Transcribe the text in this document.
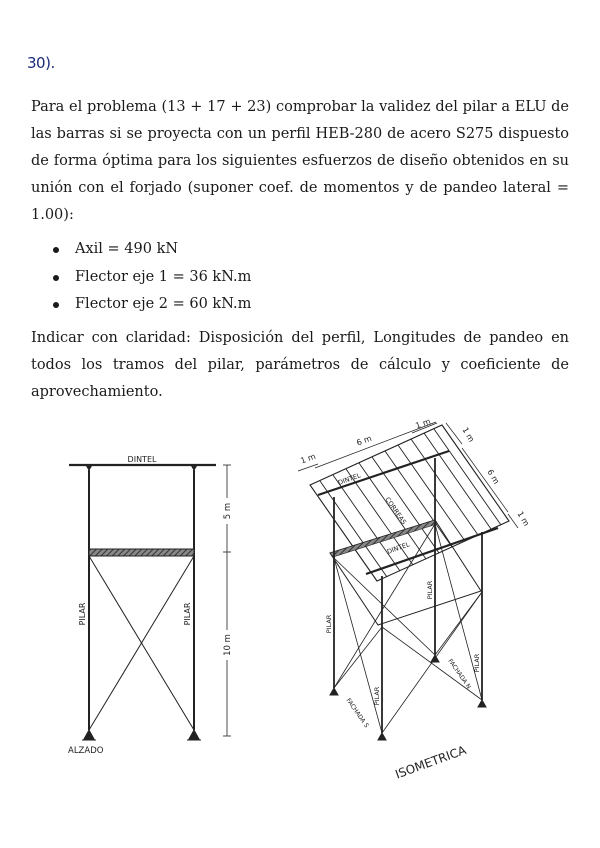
30).
Para el problema (13 + 17 + 23) comprobar la validez del pilar a ELU de las barras si se proyecta con un perfil HEB-280 de acero S275 dispuesto de forma óptima para los siguientes esfuerzos de diseño obtenidos en su unión con el forjado (suponer coef. de momentos y de pandeo lateral = 1.00):
Axil = 490 kN
Flector eje 1 = 36 kN.m
Flector eje 2 = 60 kN.m
Indicar con claridad: Disposición del perfil, Longitudes de pandeo en todos los tramos del pilar, parámetros de cálculo y coeficiente de aprovechamiento.
DINTEL
PILAR	PILAR
5 m
10 m
ALZADO
6 m
1 m
1 m
1 m
6 m
1 m
DINTEL
DINTEL
CORREAS
PILAR
PILAR
PILAR
PILAR
FACHADA S
FACHADA N
ISOMETRICA
